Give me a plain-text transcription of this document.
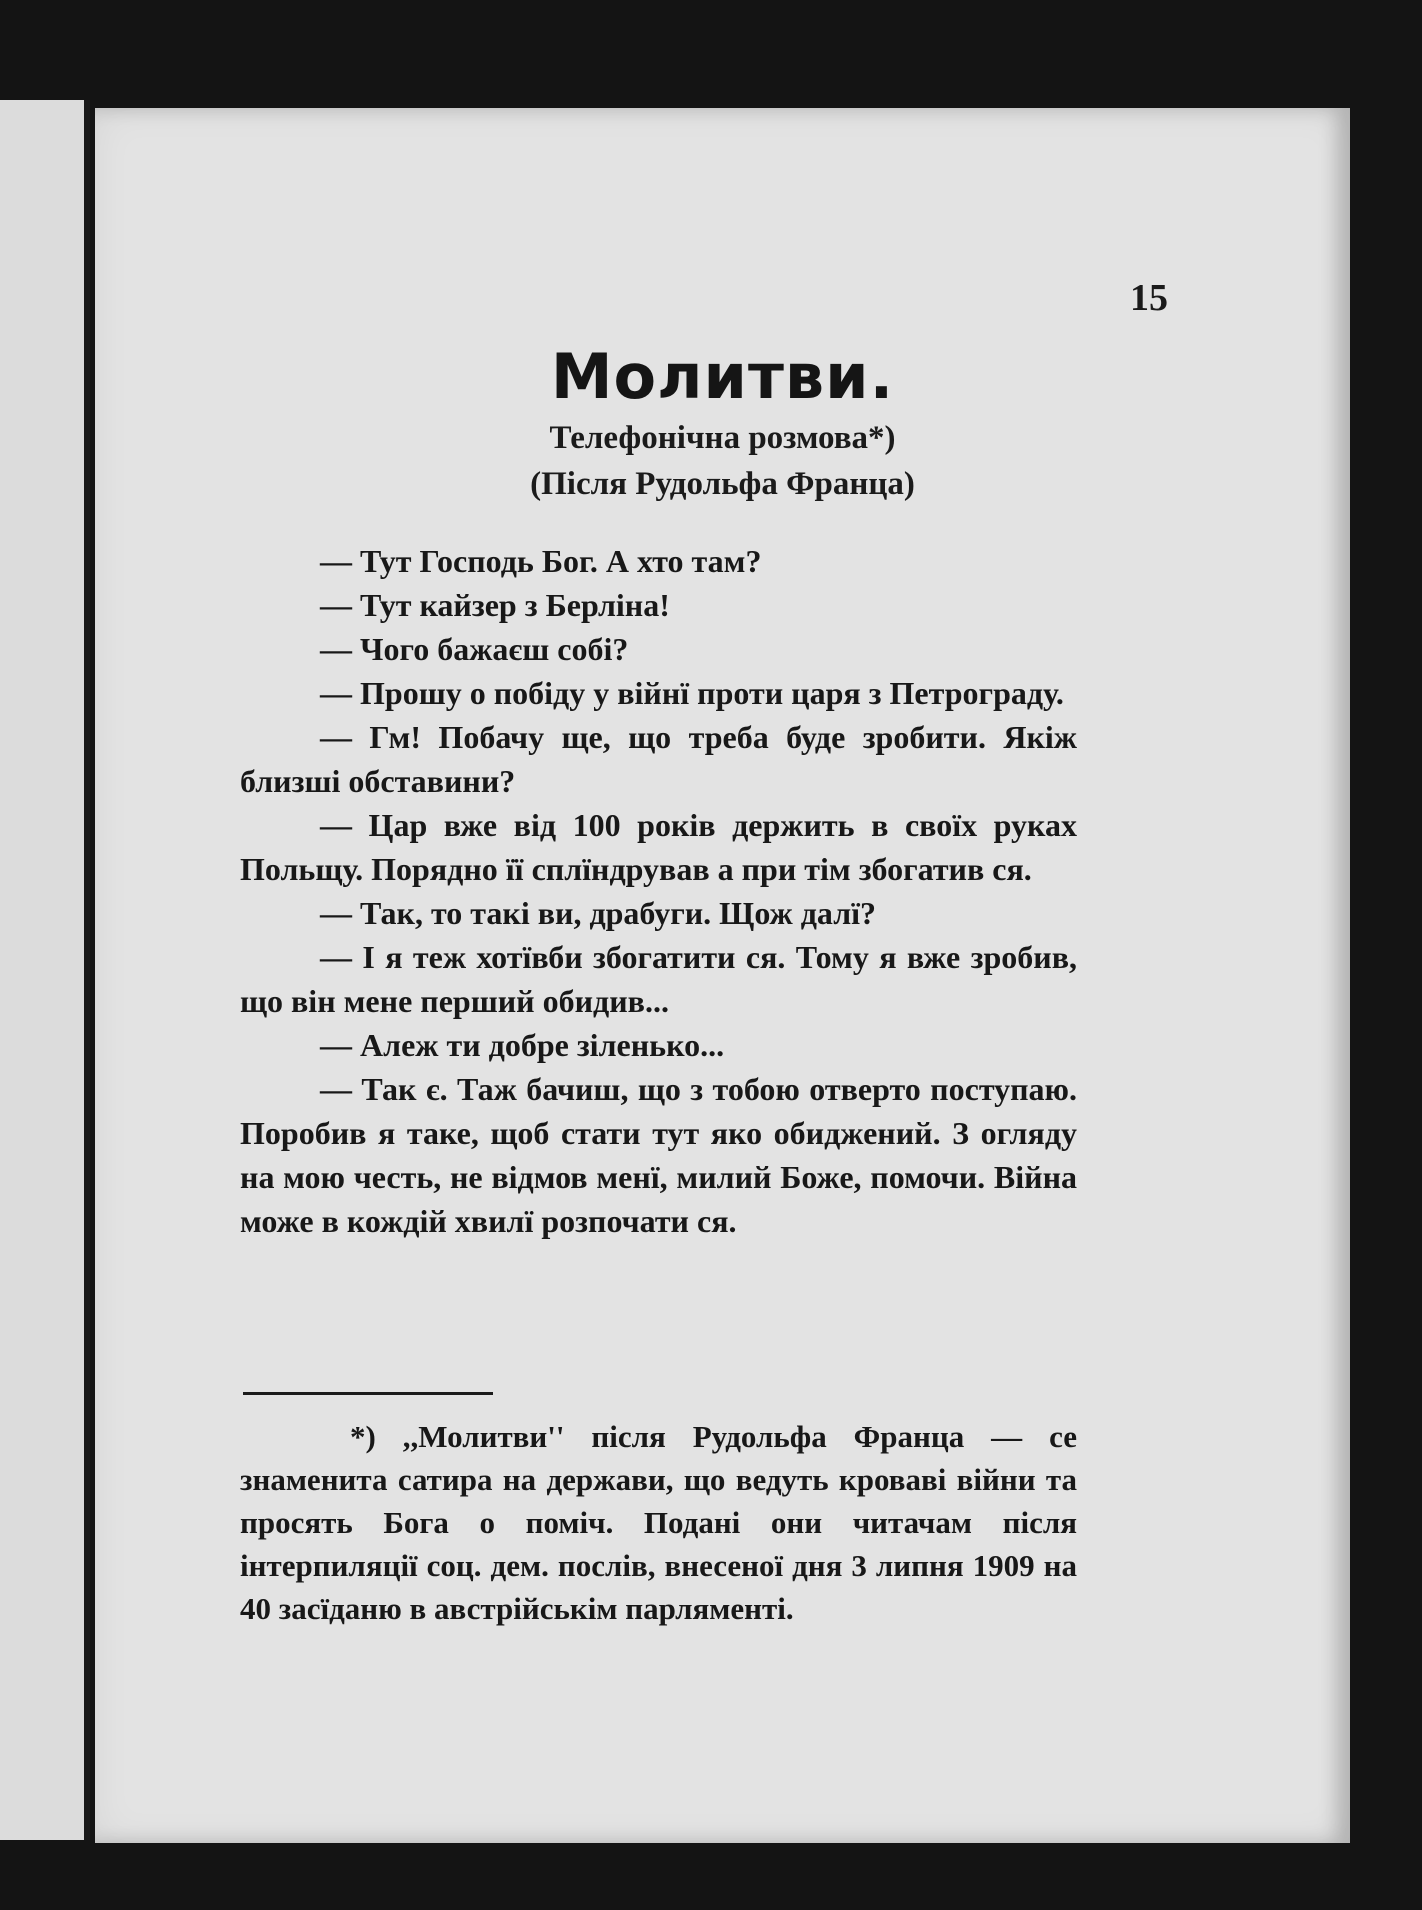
15
Молитви.
Телефонічна розмова*)
(Після Рудольфа Франца)

— Тут Господь Бог. А хто там?

— Тут кайзер з Берліна!

— Чого бажаєш собі?

— Прошу о побіду у війнї проти царя з Петрограду.

— Гм! Побачу ще, що треба буде зробити. Якіж близші обставини?

— Цар вже від 100 років держить в своїх руках Польщу. Порядно її сплїндрував а при тім збогатив ся.

— Так, то такі ви, драбуги. Щож далї?

— І я теж хотївби збогатити ся. Тому я вже зробив, що він мене перший обидив...

— Алеж ти добре зіленько...

— Так є. Таж бачиш, що з тобою отверто поступаю. Поробив я таке, щоб стати тут яко обиджений. З огляду на мою честь, не відмов менї, милий Боже, помочи. Війна може в кождій хвилї розпочати ся.

*) ,,Молитви'' після Рудольфа Франца — се знаменита сатира на держави, що ведуть кроваві війни та просять Бога о поміч. Подані они читачам після інтерпиляції соц. дем. послів, внесеної дня 3 липня 1909 на 40 засїданю в австрійськім парляменті.
